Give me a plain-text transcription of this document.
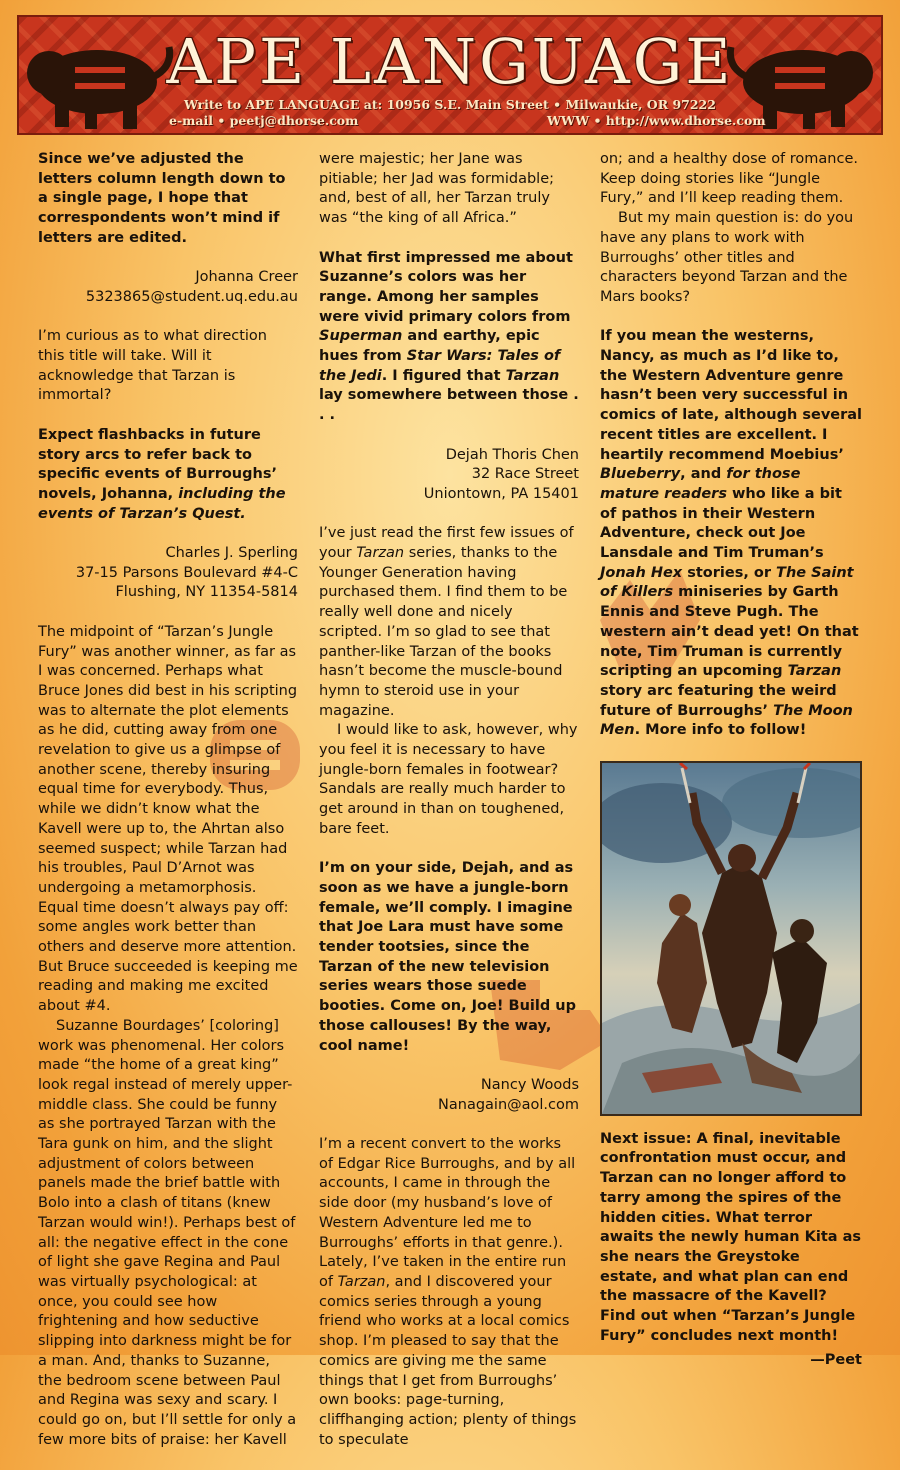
APE LANGUAGE
Write to APE LANGUAGE at: 10956 S.E. Main Street • Milwaukie, OR 97222
e-mail • peetj@dhorse.com	WWW • http://www.dhorse.com

Since we’ve adjusted the letters column length down to a single page, I hope that correspondents won’t mind if letters are edited.

Johanna Creer
5323865@student.uq.edu.au

I’m curious as to what direction this title will take. Will it acknowledge that Tarzan is immortal?

Expect flashbacks in future story arcs to refer back to specific events of Burroughs’ novels, Johanna, including the events of Tarzan’s Quest.

Charles J. Sperling
37-15 Parsons Boulevard #4-C
Flushing, NY 11354-5814

The midpoint of “Tarzan’s Jungle Fury” was another winner, as far as I was concerned. Perhaps what Bruce Jones did best in his scripting was to alternate the plot elements as he did, cutting away from one revelation to give us a glimpse of another scene, thereby insuring equal time for everybody. Thus, while we didn’t know what the Kavell were up to, the Ahrtan also seemed suspect; while Tarzan had his troubles, Paul D’Arnot was undergoing a metamorphosis. Equal time doesn’t always pay off: some angles work better than others and deserve more attention. But Bruce succeeded is keeping me reading and making me excited about #4.

Suzanne Bourdages’ [coloring] work was phenomenal. Her colors made “the home of a great king” look regal instead of merely upper-middle class. She could be funny as she portrayed Tarzan with the Tara gunk on him, and the slight adjustment of colors between panels made the brief battle with Bolo into a clash of titans (knew Tarzan would win!). Perhaps best of all: the negative effect in the cone of light she gave Regina and Paul was virtually psychological: at once, you could see how frightening and how seductive slipping into darkness might be for a man. And, thanks to Suzanne, the bedroom scene between Paul and Regina was sexy and scary. I could go on, but I’ll settle for only a few more bits of praise: her Kavell

were majestic; her Jane was pitiable; her Jad was formidable; and, best of all, her Tarzan truly was “the king of all Africa.”

What first impressed me about Suzanne’s colors was her range. Among her samples were vivid primary colors from Superman and earthy, epic hues from Star Wars: Tales of the Jedi. I figured that Tarzan lay somewhere between those . . .

Dejah Thoris Chen
32 Race Street
Uniontown, PA 15401

I’ve just read the first few issues of your Tarzan series, thanks to the Younger Generation having purchased them. I find them to be really well done and nicely scripted. I’m so glad to see that panther-like Tarzan of the books hasn’t become the muscle-bound hymn to steroid use in your magazine.

I would like to ask, however, why you feel it is necessary to have jungle-born females in footwear? Sandals are really much harder to get around in than on toughened, bare feet.

I’m on your side, Dejah, and as soon as we have a jungle-born female, we’ll comply. I imagine that Joe Lara must have some tender tootsies, since the Tarzan of the new television series wears those suede booties. Come on, Joe! Build up those callouses! By the way, cool name!

Nancy Woods
Nanagain@aol.com

I’m a recent convert to the works of Edgar Rice Burroughs, and by all accounts, I came in through the side door (my husband’s love of Western Adventure led me to Burroughs’ efforts in that genre.). Lately, I’ve taken in the entire run of Tarzan, and I discovered your comics series through a young friend who works at a local comics shop. I’m pleased to say that the comics are giving me the same things that I get from Burroughs’ own books: page-turning, cliffhanging action; plenty of things to speculate

on; and a healthy dose of romance. Keep doing stories like “Jungle Fury,” and I’ll keep reading them.

But my main question is: do you have any plans to work with Burroughs’ other titles and characters beyond Tarzan and the Mars books?

If you mean the westerns, Nancy, as much as I’d like to, the Western Adventure genre hasn’t been very successful in comics of late, although several recent titles are excellent. I heartily recommend Moebius’ Blueberry, and for those mature readers who like a bit of pathos in their Western Adventure, check out Joe Lansdale and Tim Truman’s Jonah Hex stories, or The Saint of Killers miniseries by Garth Ennis and Steve Pugh. The western ain’t dead yet! On that note, Tim Truman is currently scripting an upcoming Tarzan story arc featuring the weird future of Burroughs’ The Moon Men. More info to follow!

Next issue: A final, inevitable confrontation must occur, and Tarzan can no longer afford to tarry among the spires of the hidden cities. What terror awaits the newly human Kita as she nears the Greystoke estate, and what plan can end the massacre of the Kavell? Find out when “Tarzan’s Jungle Fury” concludes next month!

—Peet
